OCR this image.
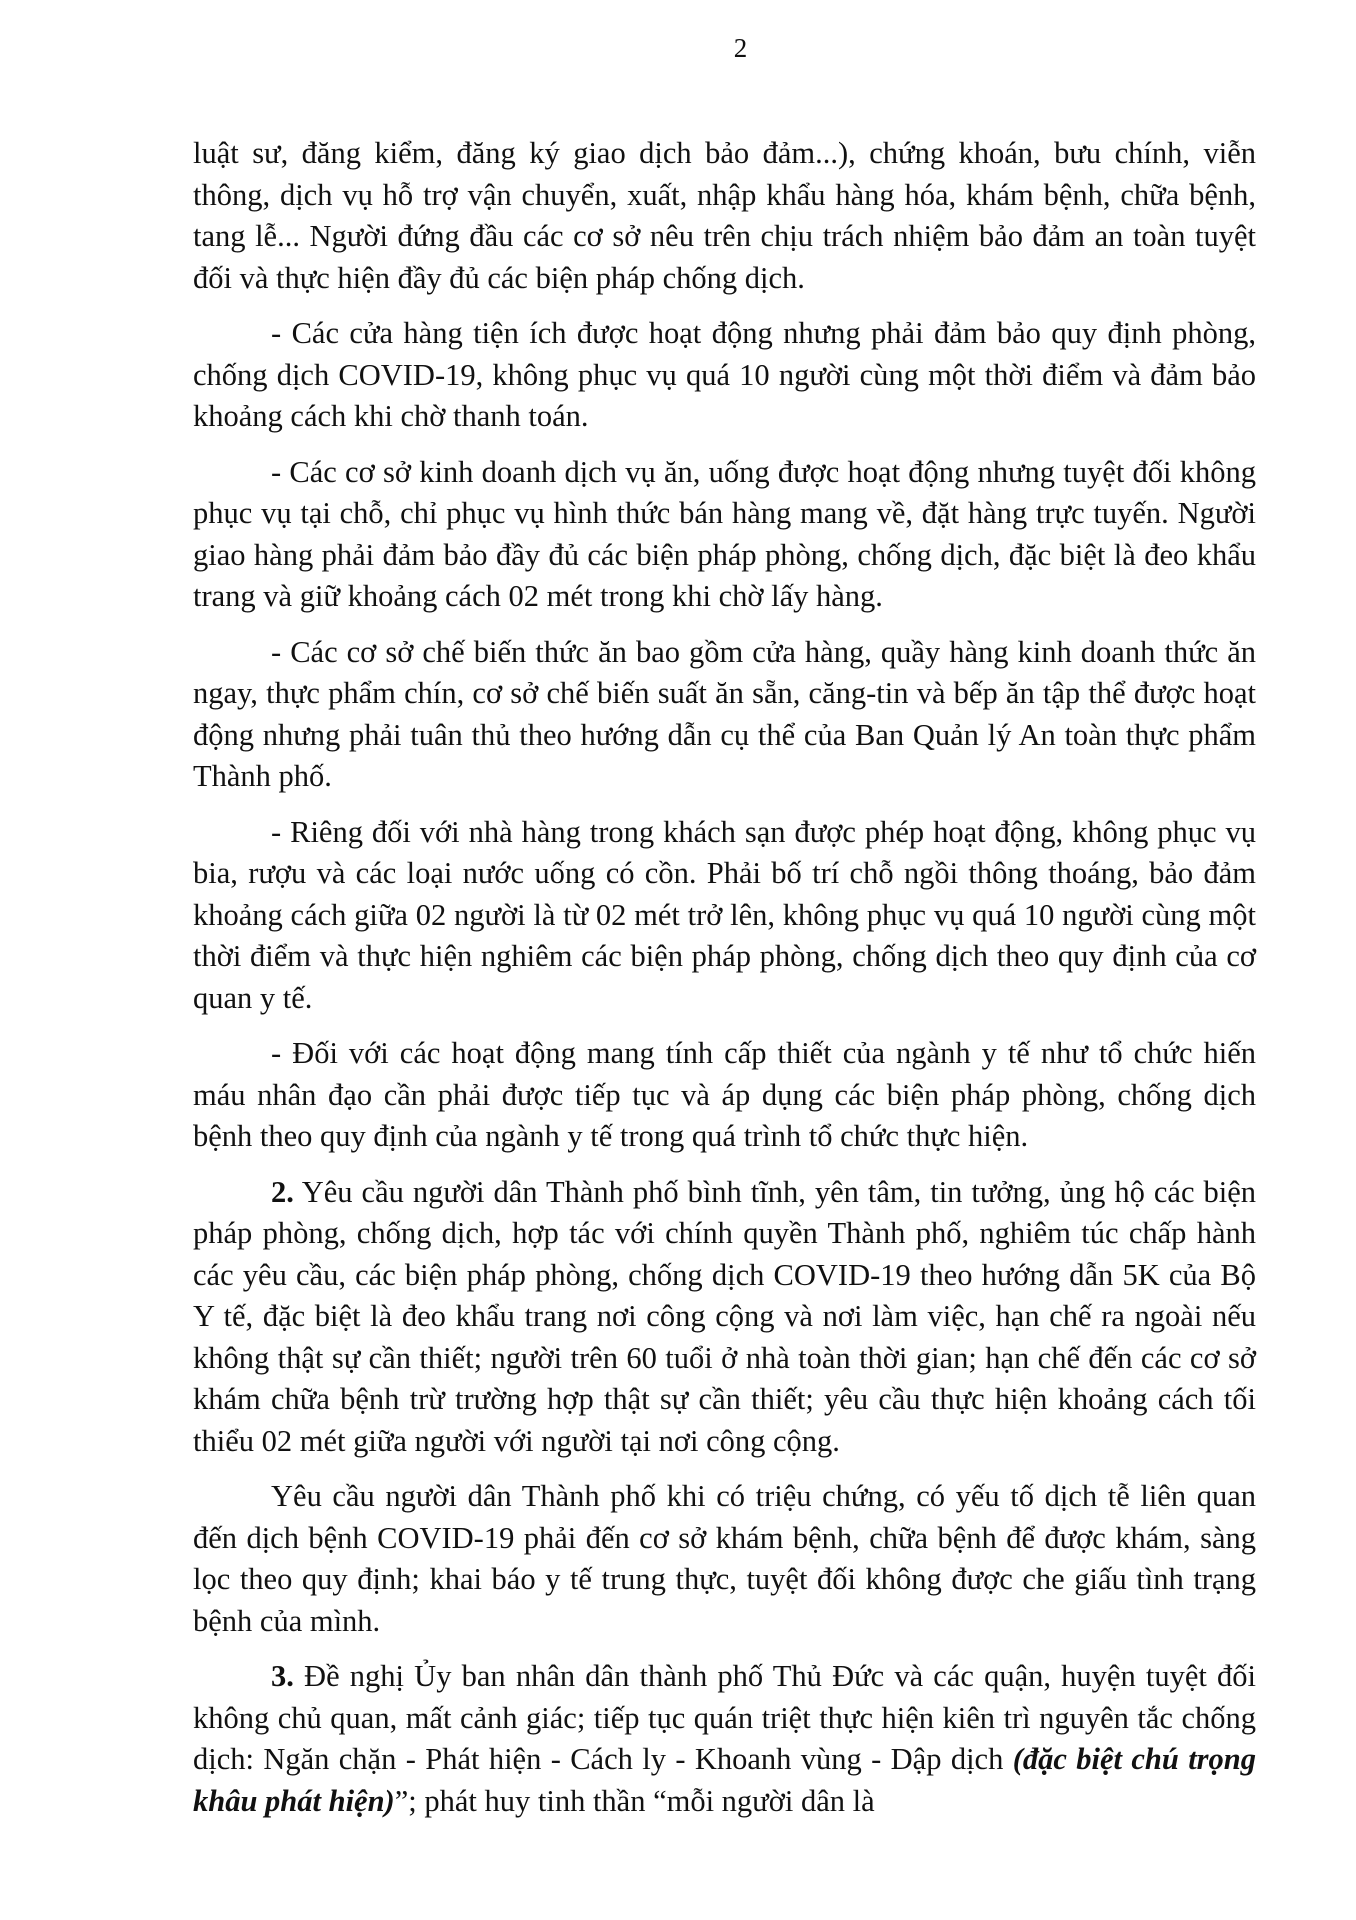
2

luật sư, đăng kiểm, đăng ký giao dịch bảo đảm...), chứng khoán, bưu chính, viễn thông, dịch vụ hỗ trợ vận chuyển, xuất, nhập khẩu hàng hóa, khám bệnh, chữa bệnh, tang lễ... Người đứng đầu các cơ sở nêu trên chịu trách nhiệm bảo đảm an toàn tuyệt đối và thực hiện đầy đủ các biện pháp chống dịch.

- Các cửa hàng tiện ích được hoạt động nhưng phải đảm bảo quy định phòng, chống dịch COVID-19, không phục vụ quá 10 người cùng một thời điểm và đảm bảo khoảng cách khi chờ thanh toán.

- Các cơ sở kinh doanh dịch vụ ăn, uống được hoạt động nhưng tuyệt đối không phục vụ tại chỗ, chỉ phục vụ hình thức bán hàng mang về, đặt hàng trực tuyến. Người giao hàng phải đảm bảo đầy đủ các biện pháp phòng, chống dịch, đặc biệt là đeo khẩu trang và giữ khoảng cách 02 mét trong khi chờ lấy hàng.

- Các cơ sở chế biến thức ăn bao gồm cửa hàng, quầy hàng kinh doanh thức ăn ngay, thực phẩm chín, cơ sở chế biến suất ăn sẵn, căng-tin và bếp ăn tập thể được hoạt động nhưng phải tuân thủ theo hướng dẫn cụ thể của Ban Quản lý An toàn thực phẩm Thành phố.

- Riêng đối với nhà hàng trong khách sạn được phép hoạt động, không phục vụ bia, rượu và các loại nước uống có cồn. Phải bố trí chỗ ngồi thông thoáng, bảo đảm khoảng cách giữa 02 người là từ 02 mét trở lên, không phục vụ quá 10 người cùng một thời điểm và thực hiện nghiêm các biện pháp phòng, chống dịch theo quy định của cơ quan y tế.

- Đối với các hoạt động mang tính cấp thiết của ngành y tế như tổ chức hiến máu nhân đạo cần phải được tiếp tục và áp dụng các biện pháp phòng, chống dịch bệnh theo quy định của ngành y tế trong quá trình tổ chức thực hiện.

2. Yêu cầu người dân Thành phố bình tĩnh, yên tâm, tin tưởng, ủng hộ các biện pháp phòng, chống dịch, hợp tác với chính quyền Thành phố, nghiêm túc chấp hành các yêu cầu, các biện pháp phòng, chống dịch COVID-19 theo hướng dẫn 5K của Bộ Y tế, đặc biệt là đeo khẩu trang nơi công cộng và nơi làm việc, hạn chế ra ngoài nếu không thật sự cần thiết; người trên 60 tuổi ở nhà toàn thời gian; hạn chế đến các cơ sở khám chữa bệnh trừ trường hợp thật sự cần thiết; yêu cầu thực hiện khoảng cách tối thiểu 02 mét giữa người với người tại nơi công cộng.

Yêu cầu người dân Thành phố khi có triệu chứng, có yếu tố dịch tễ liên quan đến dịch bệnh COVID-19 phải đến cơ sở khám bệnh, chữa bệnh để được khám, sàng lọc theo quy định; khai báo y tế trung thực, tuyệt đối không được che giấu tình trạng bệnh của mình.

3. Đề nghị Ủy ban nhân dân thành phố Thủ Đức và các quận, huyện tuyệt đối không chủ quan, mất cảnh giác; tiếp tục quán triệt thực hiện kiên trì nguyên tắc chống dịch: Ngăn chặn - Phát hiện - Cách ly - Khoanh vùng - Dập dịch (đặc biệt chú trọng khâu phát hiện)”; phát huy tinh thần “mỗi người dân là
